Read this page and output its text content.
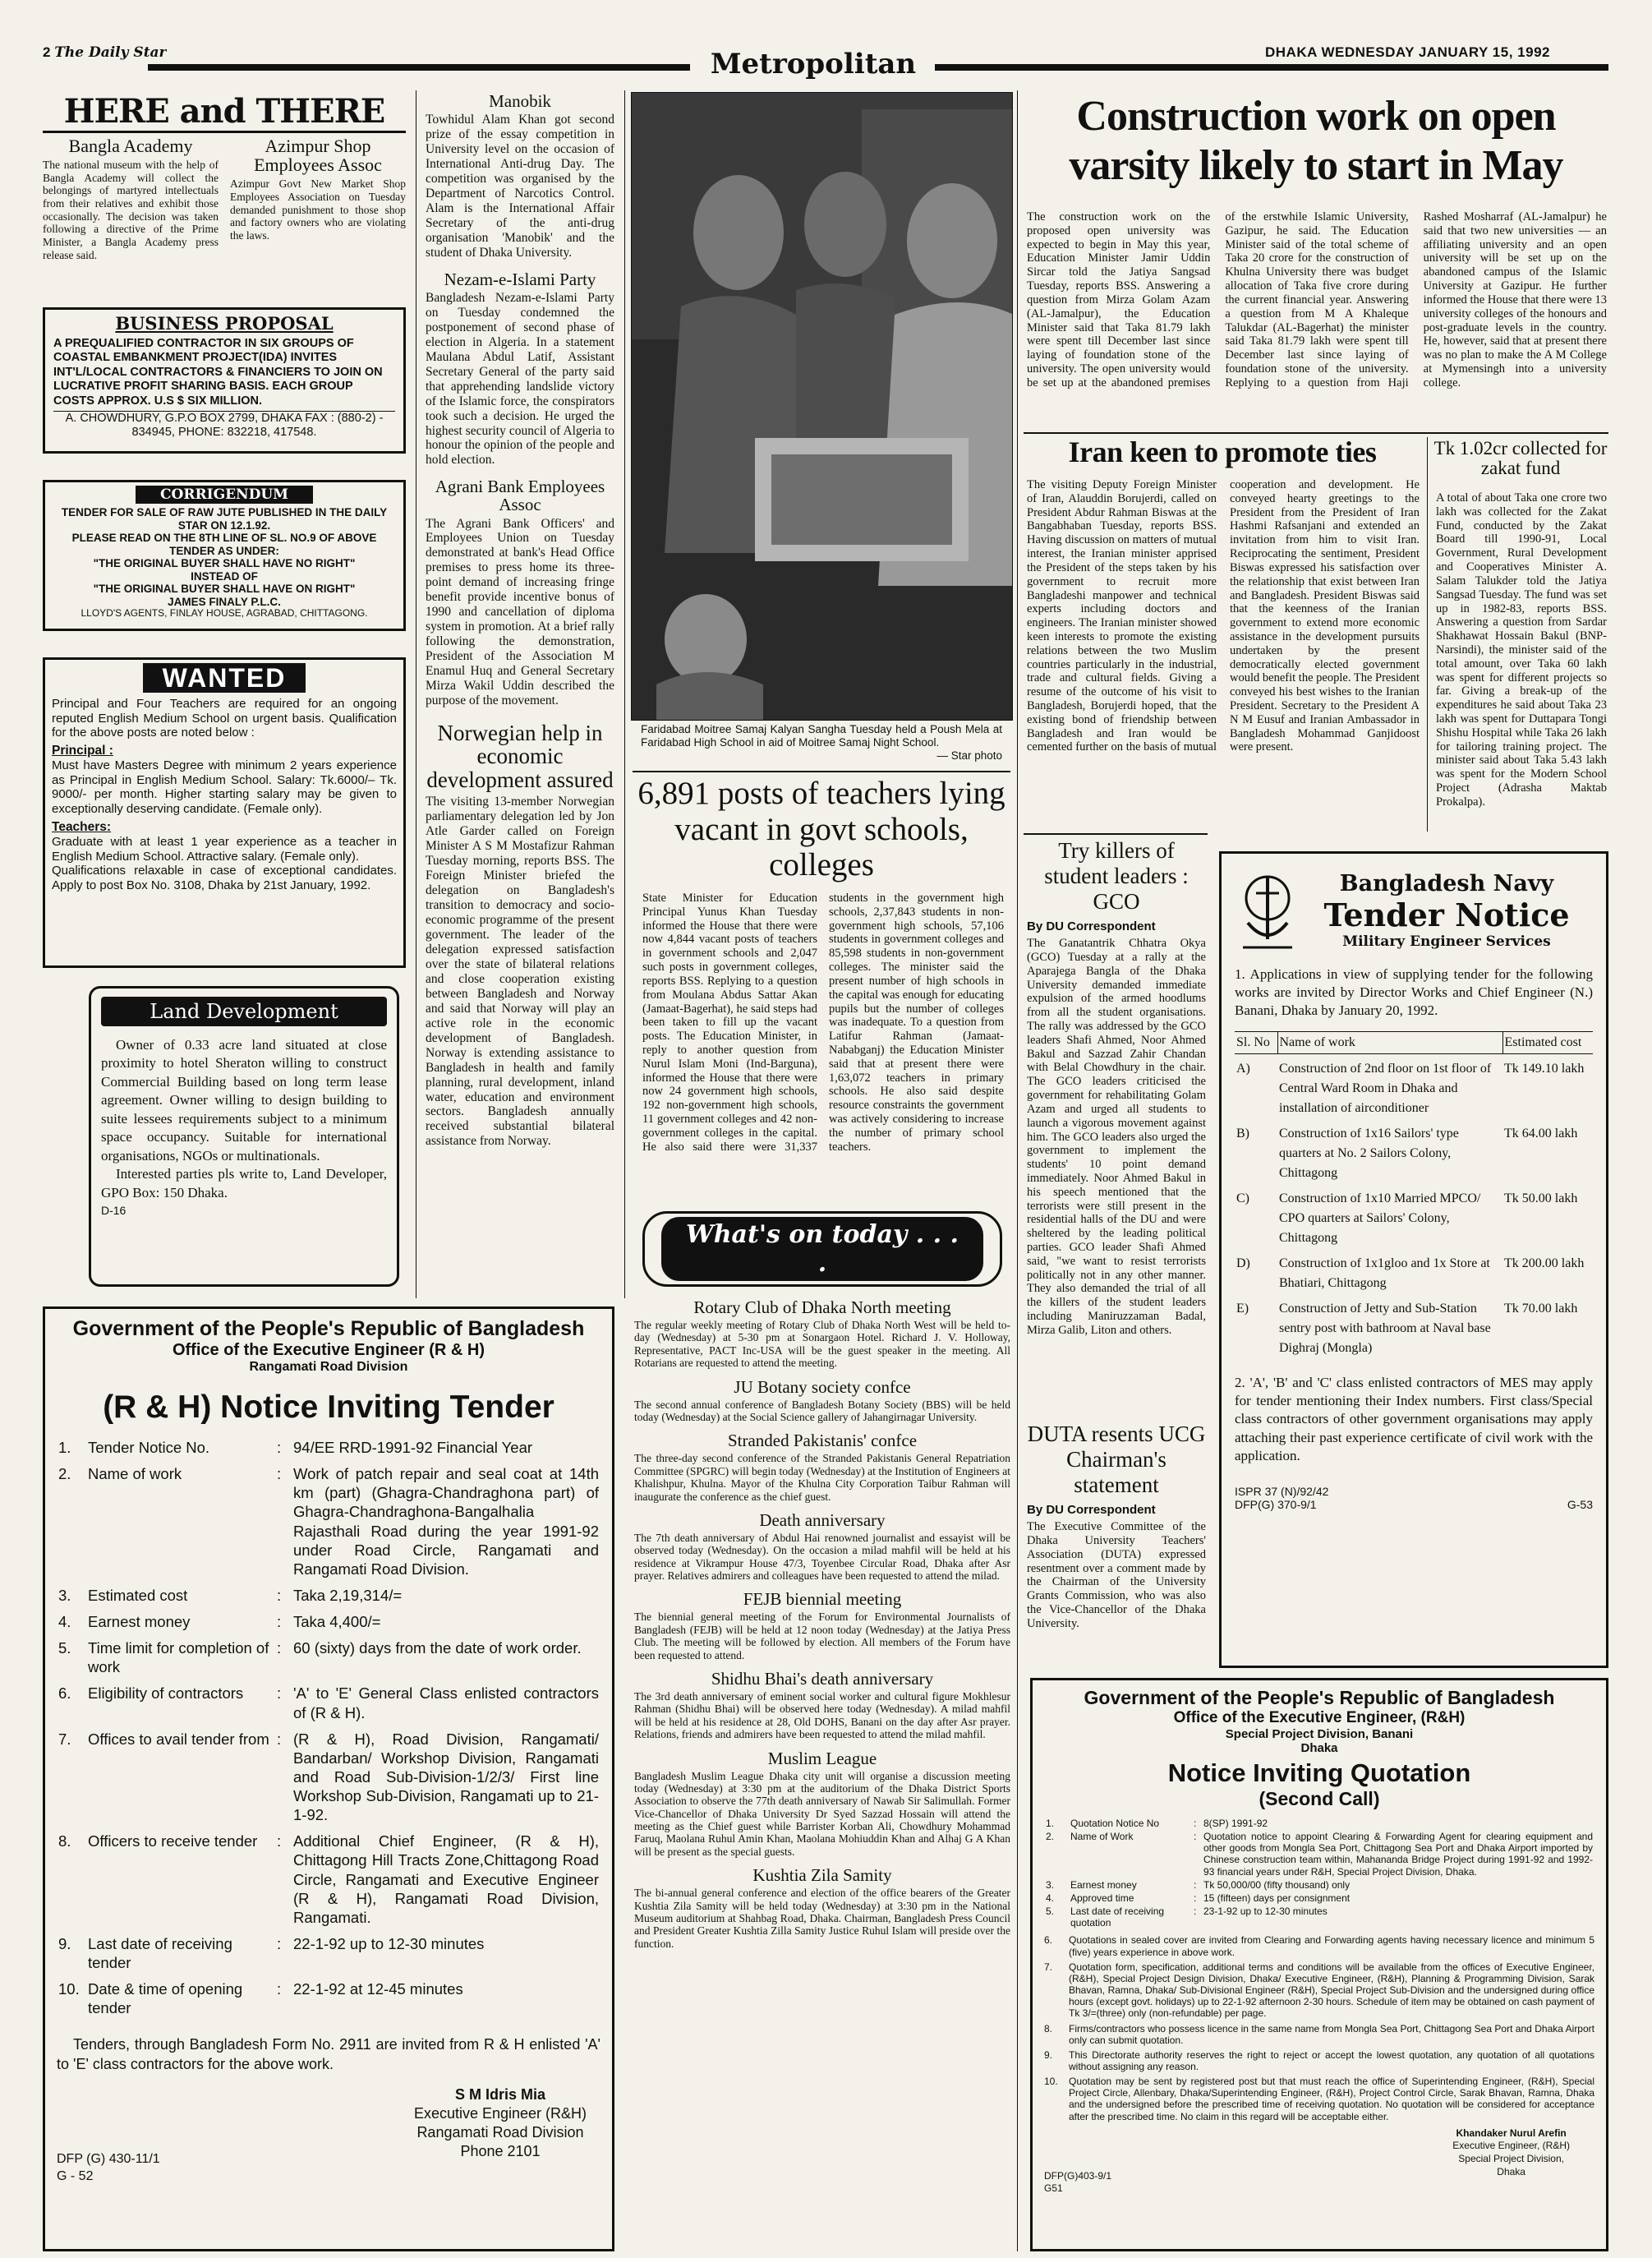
2 The Daily Star	Metropolitan	DHAKA WEDNESDAY JANUARY 15, 1992
HERE and THERE
Bangla Academy
The national museum with the help of Bangla Academy will collect the belongings of martyred intellectuals from their relatives and exhibit those occasionally. The decision was taken following a directive of the Prime Minister, a Bangla Academy press release said.
Azimpur Shop Employees Assoc
Azimpur Govt New Market Shop Employees Association on Tuesday demanded punishment to those shop and factory owners who are violating the laws.
BUSINESS PROPOSAL
A PREQUALIFIED CONTRACTOR IN SIX GROUPS OF COASTAL EMBANKMENT PROJECT(IDA) INVITES INT'L/LOCAL CONTRACTORS & FINANCIERS TO JOIN ON LUCRATIVE PROFIT SHARING BASIS. EACH GROUP COSTS APPROX. U.S $ SIX MILLION.
A. CHOWDHURY, G.P.O BOX 2799, DHAKA FAX : (880-2) - 834945, PHONE: 832218, 417548.
CORRIGENDUM
TENDER FOR SALE OF RAW JUTE PUBLISHED IN THE DAILY STAR ON 12.1.92.
PLEASE READ ON THE 8TH LINE OF SL. NO.9 OF ABOVE TENDER AS UNDER:
"THE ORIGINAL BUYER SHALL HAVE NO RIGHT"
INSTEAD OF
"THE ORIGINAL BUYER SHALL HAVE ON RIGHT"
JAMES FINALY P.L.C.
LLOYD'S AGENTS, FINLAY HOUSE, AGRABAD, CHITTAGONG.
WANTED
Principal and Four Teachers are required for an ongoing reputed English Medium School on urgent basis. Qualification for the above posts are noted below :
Principal :
Must have Masters Degree with minimum 2 years experience as Principal in English Medium School. Salary: Tk.6000/– Tk. 9000/- per month. Higher starting salary may be given to exceptionally deserving candidate. (Female only).
Teachers:
Graduate with at least 1 year experience as a teacher in English Medium School. Attractive salary. (Female only).
Qualifications relaxable in case of exceptional candidates. Apply to post Box No. 3108, Dhaka by 21st January, 1992.
Land Development
Owner of 0.33 acre land situated at close proximity to hotel Sheraton willing to construct Commercial Building based on long term lease agreement. Owner willing to design building to suite lessees requirements subject to a minimum space occupancy. Suitable for international organisations, NGOs or multinationals.
Interested parties pls write to, Land Developer, GPO Box: 150 Dhaka.
D-16
Manobik
Towhidul Alam Khan got second prize of the essay competition in University level on the occasion of International Anti-drug Day. The competition was organised by the Department of Narcotics Control. Alam is the International Affair Secretary of the anti-drug organisation 'Manobik' and the student of Dhaka University.
Nezam-e-Islami Party
Bangladesh Nezam-e-Islami Party on Tuesday condemned the postponement of second phase of election in Algeria. In a statement Maulana Abdul Latif, Assistant Secretary General of the party said that apprehending landslide victory of the Islamic force, the conspirators took such a decision. He urged the highest security council of Algeria to honour the opinion of the people and hold election.
Agrani Bank Employees Assoc
The Agrani Bank Officers' and Employees Union on Tuesday demonstrated at bank's Head Office premises to press home its three-point demand of increasing fringe benefit provide incentive bonus of 1990 and cancellation of diploma system in promotion. At a brief rally following the demonstration, President of the Association M Enamul Huq and General Secretary Mirza Wakil Uddin described the purpose of the movement.
Norwegian help in economic development assured
The visiting 13-member Norwegian parliamentary delegation led by Jon Atle Garder called on Foreign Minister A S M Mostafizur Rahman Tuesday morning, reports BSS. The Foreign Minister briefed the delegation on Bangladesh's transition to democracy and socio-economic programme of the present government. The leader of the delegation expressed satisfaction over the state of bilateral relations and close cooperation existing between Bangladesh and Norway and said that Norway will play an active role in the economic development of Bangladesh. Norway is extending assistance to Bangladesh in health and family planning, rural development, inland water, education and environment sectors. Bangladesh annually received substantial bilateral assistance from Norway.
Faridabad Moitree Samaj Kalyan Sangha Tuesday held a Poush Mela at Faridabad High School in aid of Moitree Samaj Night School.
— Star photo
6,891 posts of teachers lying vacant in govt schools, colleges
State Minister for Education Principal Yunus Khan Tuesday informed the House that there were now 4,844 vacant posts of teachers in government schools and 2,047 such posts in government colleges, reports BSS. Replying to a question from Moulana Abdus Sattar Akan (Jamaat-Bagerhat), he said steps had been taken to fill up the vacant posts. The Education Minister, in reply to another question from Nurul Islam Moni (Ind-Barguna), informed the House that there were now 24 government high schools, 192 non-government high schools, 11 government colleges and 42 non-government colleges in the capital. He also said there were 31,337 students in the government high schools, 2,37,843 students in non-government high schools, 57,106 students in government colleges and 85,598 students in non-government colleges. The minister said the present number of high schools in the capital was enough for educating pupils but the number of colleges was inadequate. To a question from Latifur Rahman (Jamaat-Nababganj) the Education Minister said that at present there were 1,63,072 teachers in primary schools. He also said despite resource constraints the government was actively considering to increase the number of primary school teachers.
What's on today . . . .
Rotary Club of Dhaka North meeting
The regular weekly meeting of Rotary Club of Dhaka North West will be held to-day (Wednesday) at 5-30 pm at Sonargaon Hotel. Richard J. V. Holloway, Representative, PACT Inc-USA will be the guest speaker in the meeting. All Rotarians are requested to attend the meeting.
JU Botany society confce
The second annual conference of Bangladesh Botany Society (BBS) will be held today (Wednesday) at the Social Science gallery of Jahangirnagar University.
Stranded Pakistanis' confce
The three-day second conference of the Stranded Pakistanis General Repatriation Committee (SPGRC) will begin today (Wednesday) at the Institution of Engineers at Khalishpur, Khulna. Mayor of the Khulna City Corporation Taibur Rahman will inaugurate the conference as the chief guest.
Death anniversary
The 7th death anniversary of Abdul Hai renowned journalist and essayist will be observed today (Wednesday). On the occasion a milad mahfil will be held at his residence at Vikrampur House 47/3, Toyenbee Circular Road, Dhaka after Asr prayer. Relatives admirers and colleagues have been requested to attend the milad.
FEJB biennial meeting
The biennial general meeting of the Forum for Environmental Journalists of Bangladesh (FEJB) will be held at 12 noon today (Wednesday) at the Jatiya Press Club. The meeting will be followed by election. All members of the Forum have been requested to attend.
Shidhu Bhai's death anniversary
The 3rd death anniversary of eminent social worker and cultural figure Mokhlesur Rahman (Shidhu Bhai) will be observed here today (Wednesday). A milad mahfil will be held at his residence at 28, Old DOHS, Banani on the day after Asr prayer. Relations, friends and admirers have been requested to attend the milad mahfil.
Muslim League
Bangladesh Muslim League Dhaka city unit will organise a discussion meeting today (Wednesday) at 3:30 pm at the auditorium of the Dhaka District Sports Association to observe the 77th death anniversary of Nawab Sir Salimullah. Former Vice-Chancellor of Dhaka University Dr Syed Sazzad Hossain will attend the meeting as the Chief guest while Barrister Korban Ali, Chowdhury Mohammad Faruq, Maolana Ruhul Amin Khan, Maolana Mohiuddin Khan and Alhaj G A Khan will be present as the special guests.
Kushtia Zila Samity
The bi-annual general conference and election of the office bearers of the Greater Kushtia Zila Samity will be held today (Wednesday) at 3:30 pm in the National Museum auditorium at Shahbag Road, Dhaka. Chairman, Bangladesh Press Council and President Greater Kushtia Zilla Samity Justice Ruhul Islam will preside over the function.
Construction work on open varsity likely to start in May
The construction work on the proposed open university was expected to begin in May this year, Education Minister Jamir Uddin Sircar told the Jatiya Sangsad Tuesday, reports BSS. Answering a question from Mirza Golam Azam (AL-Jamalpur), the Education Minister said that Taka 81.79 lakh were spent till December last since laying of foundation stone of the university. The open university would be set up at the abandoned premises of the erstwhile Islamic University, Gazipur, he said. The Education Minister said of the total scheme of Taka 20 crore for the construction of Khulna University there was budget allocation of Taka five crore during the current financial year. Answering a question from M A Khaleque Talukdar (AL-Bagerhat) the minister said Taka 81.79 lakh were spent till December last since laying of foundation stone of the university. Replying to a question from Haji Rashed Mosharraf (AL-Jamalpur) he said that two new universities — an affiliating university and an open university will be set up on the abandoned campus of the Islamic University at Gazipur. He further informed the House that there were 13 university colleges of the honours and post-graduate levels in the country. He, however, said that at present there was no plan to make the A M College at Mymensingh into a university college.
Iran keen to promote ties
The visiting Deputy Foreign Minister of Iran, Alauddin Borujerdi, called on President Abdur Rahman Biswas at the Bangabhaban Tuesday, reports BSS. Having discussion on matters of mutual interest, the Iranian minister apprised the President of the steps taken by his government to recruit more Bangladeshi manpower and technical experts including doctors and engineers. The Iranian minister showed keen interests to promote the existing relations between the two Muslim countries particularly in the industrial, trade and cultural fields. Giving a resume of the outcome of his visit to Bangladesh, Borujerdi hoped, that the existing bond of friendship between Bangladesh and Iran would be cemented further on the basis of mutual cooperation and development. He conveyed hearty greetings to the President from the President of Iran Hashmi Rafsanjani and extended an invitation from him to visit Iran. Reciprocating the sentiment, President Biswas expressed his satisfaction over the relationship that exist between Iran and Bangladesh. President Biswas said that the keenness of the Iranian government to extend more economic assistance in the development pursuits undertaken by the present democratically elected government would benefit the people. The President conveyed his best wishes to the Iranian President. Secretary to the President A N M Eusuf and Iranian Ambassador in Bangladesh Mohammad Ganjidoost were present.
Tk 1.02cr collected for zakat fund
A total of about Taka one crore two lakh was collected for the Zakat Fund, conducted by the Zakat Board till 1990-91, Local Government, Rural Development and Cooperatives Minister A. Salam Talukder told the Jatiya Sangsad Tuesday. The fund was set up in 1982-83, reports BSS. Answering a question from Sardar Shakhawat Hossain Bakul (BNP-Narsindi), the minister said of the total amount, over Taka 60 lakh was spent for different projects so far. Giving a break-up of the expenditures he said about Taka 23 lakh was spent for Duttapara Tongi Shishu Hospital while Taka 26 lakh for tailoring training project. The minister said about Taka 5.43 lakh was spent for the Modern School Project (Adrasha Maktab Prokalpa).
Try killers of student leaders : GCO
By DU Correspondent
The Ganatantrik Chhatra Okya (GCO) Tuesday at a rally at the Aparajega Bangla of the Dhaka University demanded immediate expulsion of the armed hoodlums from all the student organisations. The rally was addressed by the GCO leaders Shafi Ahmed, Noor Ahmed Bakul and Sazzad Zahir Chandan with Belal Chowdhury in the chair. The GCO leaders criticised the government for rehabilitating Golam Azam and urged all students to launch a vigorous movement against him. The GCO leaders also urged the government to implement the students' 10 point demand immediately. Noor Ahmed Bakul in his speech mentioned that the terrorists were still present in the residential halls of the DU and were sheltered by the leading political parties. GCO leader Shafi Ahmed said, "we want to resist terrorists politically not in any other manner. They also demanded the trial of all the killers of the student leaders including Maniruzzaman Badal, Mirza Galib, Liton and others.
DUTA resents UCG Chairman's statement
By DU Correspondent
The Executive Committee of the Dhaka University Teachers' Association (DUTA) expressed resentment over a comment made by the Chairman of the University Grants Commission, who was also the Vice-Chancellor of the Dhaka University.
Bangladesh Navy
Tender Notice
Military Engineer Services
1. Applications in view of supplying tender for the following works are invited by Director Works and Chief Engineer (N.) Banani, Dhaka by January 20, 1992.
Sl. No	Name of work	Estimated cost
A)	Construction of 2nd floor on 1st floor of Central Ward Room in Dhaka and installation of airconditioner	Tk 149.10 lakh
B)	Construction of 1x16 Sailors' type quarters at No. 2 Sailors Colony, Chittagong	Tk 64.00 lakh
C)	Construction of 1x10 Married MPCO/ CPO quarters at Sailors' Colony, Chittagong	Tk 50.00 lakh
D)	Construction of 1x1gloo and 1x Store at Bhatiari, Chittagong	Tk 200.00 lakh
E)	Construction of Jetty and Sub-Station sentry post with bathroom at Naval base Dighraj (Mongla)	Tk 70.00 lakh
2. 'A', 'B' and 'C' class enlisted contractors of MES may apply for tender mentioning their Index numbers. First class/Special class contractors of other government organisations may apply attaching their past experience certificate of civil work with the application.
ISPR 37 (N)/92/42
DFP(G) 370-9/1	G-53
Government of the People's Republic of Bangladesh
Office of the Executive Engineer (R & H)
Rangamati Road Division
(R & H) Notice Inviting Tender
1.	Tender Notice No.	:	94/EE RRD-1991-92 Financial Year
2.	Name of work	:	Work of patch repair and seal coat at 14th km (part) (Ghagra-Chandraghona part) of Ghagra-Chandraghona-Bangalhalia Rajasthali Road during the year 1991-92 under Road Circle, Rangamati and Rangamati Road Division.
3.	Estimated cost	:	Taka 2,19,314/=
4.	Earnest money	:	Taka 4,400/=
5.	Time limit for completion of work	:	60 (sixty) days from the date of work order.
6.	Eligibility of contractors	:	'A' to 'E' General Class enlisted contractors of (R & H).
7.	Offices to avail tender from	:	(R & H), Road Division, Rangamati/ Bandarban/ Workshop Division, Rangamati and Road Sub-Division-1/2/3/ First line Workshop Sub-Division, Rangamati up to 21-1-92.
8.	Officers to receive tender	:	Additional Chief Engineer, (R & H), Chittagong Hill Tracts Zone,Chittagong Road Circle, Rangamati and Executive Engineer (R & H), Rangamati Road Division, Rangamati.
9.	Last date of receiving tender	:	22-1-92 up to 12-30 minutes
10.	Date & time of opening tender	:	22-1-92 at 12-45 minutes
Tenders, through Bangladesh Form No. 2911 are invited from R & H enlisted 'A' to 'E' class contractors for the above work.
S M Idris Mia
Executive Engineer (R&H)
Rangamati Road Division
Phone 2101
DFP (G) 430-11/1
G - 52
Government of the People's Republic of Bangladesh
Office of the Executive Engineer, (R&H)
Special Project Division, Banani
Dhaka
Notice Inviting Quotation
(Second Call)
1.	Quotation Notice No	:	8(SP) 1991-92
2.	Name of Work	:	Quotation notice to appoint Clearing & Forwarding Agent for clearing equipment and other goods from Mongla Sea Port, Chittagong Sea Port and Dhaka Airport imported by Chinese construction team within, Mahananda Bridge Project during 1991-92 and 1992-93 financial years under R&H, Special Project Division, Dhaka.
3.	Earnest money	:	Tk 50,000/00 (fifty thousand) only
4.	Approved time	:	15 (fifteen) days per consignment
5.	Last date of receiving quotation	:	23-1-92 up to 12-30 minutes
6.	Quotations in sealed cover are invited from Clearing and Forwarding agents having necessary licence and minimum 5 (five) years experience in above work.
7.	Quotation form, specification, additional terms and conditions will be available from the offices of Executive Engineer, (R&H), Special Project Design Division, Dhaka/ Executive Engineer, (R&H), Planning & Programming Division, Sarak Bhavan, Ramna, Dhaka/ Sub-Divisional Engineer (R&H), Special Project Sub-Division and the undersigned during office hours (except govt. holidays) up to 22-1-92 afternoon 2-30 hours. Schedule of item may be obtained on cash payment of Tk 3/=(three) only (non-refundable) per page.
8.	Firms/contractors who possess licence in the same name from Mongla Sea Port, Chittagong Sea Port and Dhaka Airport only can submit quotation.
9.	This Directorate authority reserves the right to reject or accept the lowest quotation, any quotation of all quotations without assigning any reason.
10.	Quotation may be sent by registered post but that must reach the office of Superintending Engineer, (R&H), Special Project Circle, Allenbary, Dhaka/Superintending Engineer, (R&H), Project Control Circle, Sarak Bhavan, Ramna, Dhaka and the undersigned before the prescribed time of receiving quotation. No quotation will be considered for acceptance after the prescribed time. No claim in this regard will be acceptable either.
Khandaker Nurul Arefin
Executive Engineer, (R&H)
Special Project Division,
Dhaka
DFP(G)403-9/1
G51
